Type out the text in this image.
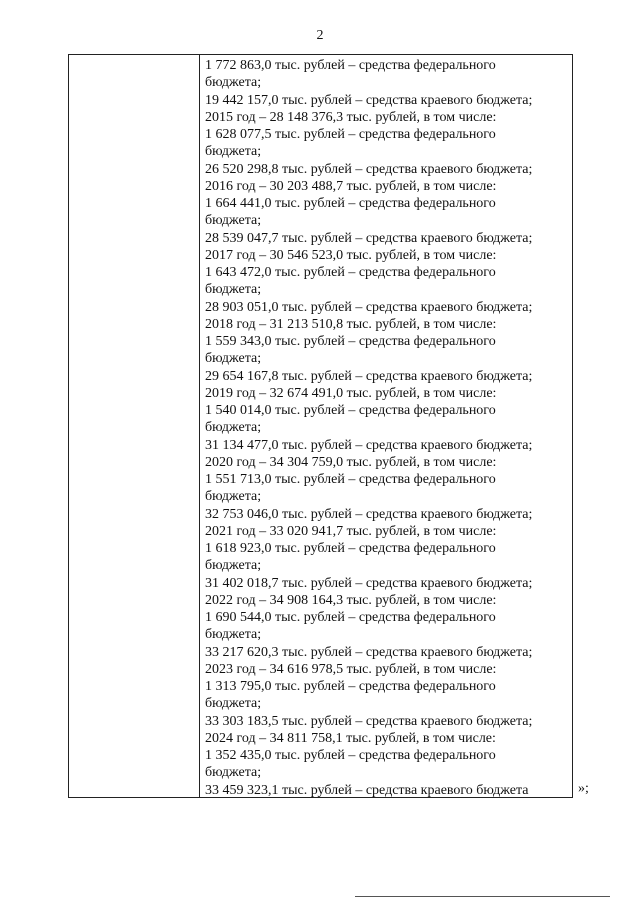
2
1 772 863,0 тыс. рублей – средства федерального
бюджета;
19 442 157,0 тыс. рублей – средства краевого бюджета;
2015 год – 28 148 376,3 тыс. рублей, в том числе:
1 628 077,5 тыс. рублей – средства федерального
бюджета;
26 520 298,8 тыс. рублей – средства краевого бюджета;
2016 год – 30 203 488,7 тыс. рублей, в том числе:
1 664 441,0 тыс. рублей – средства федерального
бюджета;
28 539 047,7 тыс. рублей – средства краевого бюджета;
2017 год – 30 546 523,0 тыс. рублей, в том числе:
1 643 472,0 тыс. рублей – средства федерального
бюджета;
28 903 051,0 тыс. рублей – средства краевого бюджета;
2018 год – 31 213 510,8 тыс. рублей, в том числе:
1 559 343,0 тыс. рублей – средства федерального
бюджета;
29 654 167,8 тыс. рублей – средства краевого бюджета;
2019 год – 32 674 491,0 тыс. рублей, в том числе:
1 540 014,0 тыс. рублей – средства федерального
бюджета;
31 134 477,0 тыс. рублей – средства краевого бюджета;
2020 год – 34 304 759,0 тыс. рублей, в том числе:
1 551 713,0 тыс. рублей – средства федерального
бюджета;
32 753 046,0 тыс. рублей – средства краевого бюджета;
2021 год – 33 020 941,7 тыс. рублей, в том числе:
1 618 923,0 тыс. рублей – средства федерального
бюджета;
31 402 018,7 тыс. рублей – средства краевого бюджета;
2022 год – 34 908 164,3 тыс. рублей, в том числе:
1 690 544,0 тыс. рублей – средства федерального
бюджета;
33 217 620,3 тыс. рублей – средства краевого бюджета;
2023 год – 34 616 978,5 тыс. рублей, в том числе:
1 313 795,0 тыс. рублей – средства федерального
бюджета;
33 303 183,5 тыс. рублей – средства краевого бюджета;
2024 год – 34 811 758,1 тыс. рублей, в том числе:
1 352 435,0 тыс. рублей – средства федерального
бюджета;
33 459 323,1 тыс. рублей – средства краевого бюджета	»;
